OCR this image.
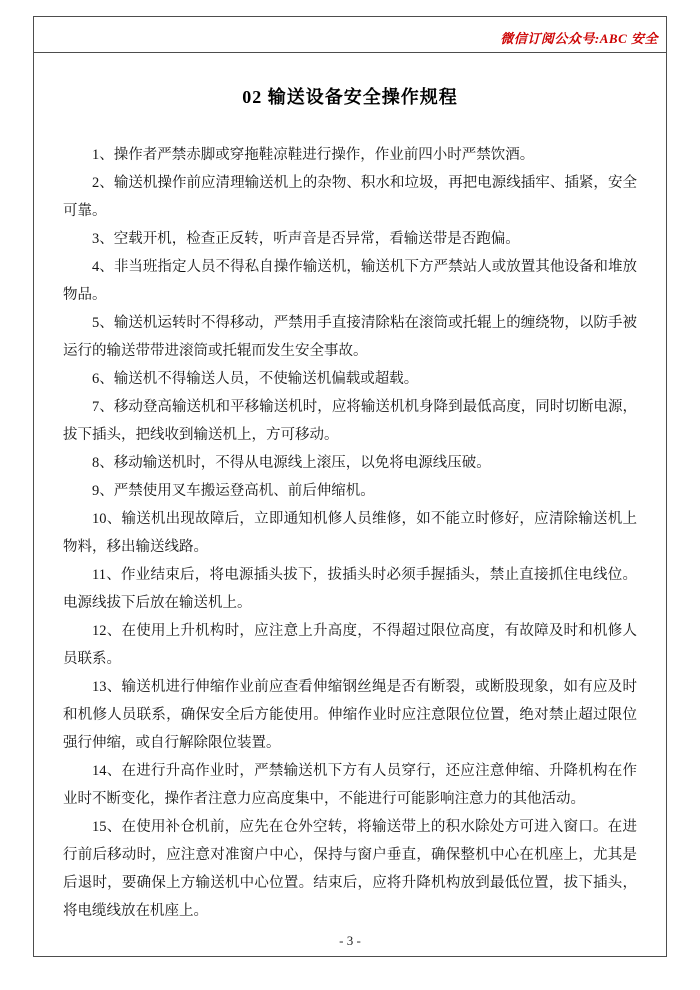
微信订阅公众号:ABC 安全
02 输送设备安全操作规程

1、操作者严禁赤脚或穿拖鞋凉鞋进行操作，作业前四小时严禁饮酒。

2、输送机操作前应清理输送机上的杂物、积水和垃圾，再把电源线插牢、插紧，安全可靠。

3、空载开机，检查正反转，听声音是否异常，看输送带是否跑偏。

4、非当班指定人员不得私自操作输送机，输送机下方严禁站人或放置其他设备和堆放物品。

5、输送机运转时不得移动，严禁用手直接清除粘在滚筒或托辊上的缠绕物，以防手被运行的输送带带进滚筒或托辊而发生安全事故。

6、输送机不得输送人员，不使输送机偏载或超载。

7、移动登高输送机和平移输送机时，应将输送机机身降到最低高度，同时切断电源，拔下插头，把线收到输送机上，方可移动。

8、移动输送机时，不得从电源线上滚压，以免将电源线压破。

9、严禁使用叉车搬运登高机、前后伸缩机。

10、输送机出现故障后，立即通知机修人员维修，如不能立时修好，应清除输送机上物料，移出输送线路。

11、作业结束后，将电源插头拔下，拔插头时必须手握插头，禁止直接抓住电线位。电源线拔下后放在输送机上。

12、在使用上升机构时，应注意上升高度，不得超过限位高度，有故障及时和机修人员联系。

13、输送机进行伸缩作业前应查看伸缩钢丝绳是否有断裂，或断股现象，如有应及时和机修人员联系，确保安全后方能使用。伸缩作业时应注意限位位置，绝对禁止超过限位强行伸缩，或自行解除限位装置。

14、在进行升高作业时，严禁输送机下方有人员穿行，还应注意伸缩、升降机构在作业时不断变化，操作者注意力应高度集中，不能进行可能影响注意力的其他活动。

15、在使用补仓机前，应先在仓外空转，将输送带上的积水除处方可进入窗口。在进行前后移动时，应注意对准窗户中心，保持与窗户垂直，确保整机中心在机座上，尤其是后退时，要确保上方输送机中心位置。结束后，应将升降机构放到最低位置，拔下插头，将电缆线放在机座上。

- 3 -
